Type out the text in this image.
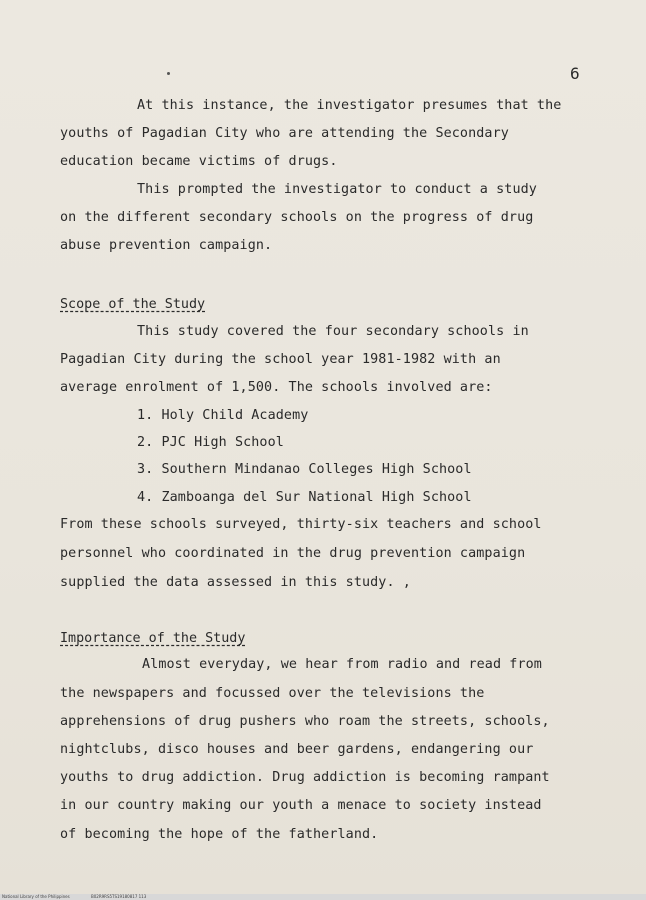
6
At this instance, the investigator presumes that the
youths of Pagadian City who are attending the Secondary
education became victims of drugs.
This prompted the investigator to conduct a study
on the different secondary schools on the progress of drug
abuse prevention campaign.
Scope of the Study
This study covered the four secondary schools in
Pagadian City during the school year 1981-1982 with an
average enrolment of 1,500. The schools involved are:
1. Holy Child Academy
2. PJC High School
3. Southern Mindanao Colleges High School
4. Zamboanga del Sur National High School
From these schools surveyed, thirty-six teachers and school
personnel who coordinated in the drug prevention campaign
supplied the data assessed in this study. ,
Importance of the Study
Almost everyday, we hear from radio and read from
the newspapers and focussed over the televisions the
apprehensions of drug pushers who roam the streets, schools,
nightclubs, disco houses and beer gardens, endangering our
youths to drug addiction. Drug addiction is becoming rampant
in our country making our youth a menace to society instead
of becoming the hope of the fatherland.
National Library of the Philippines	B02R9RS5TS19180817 113
